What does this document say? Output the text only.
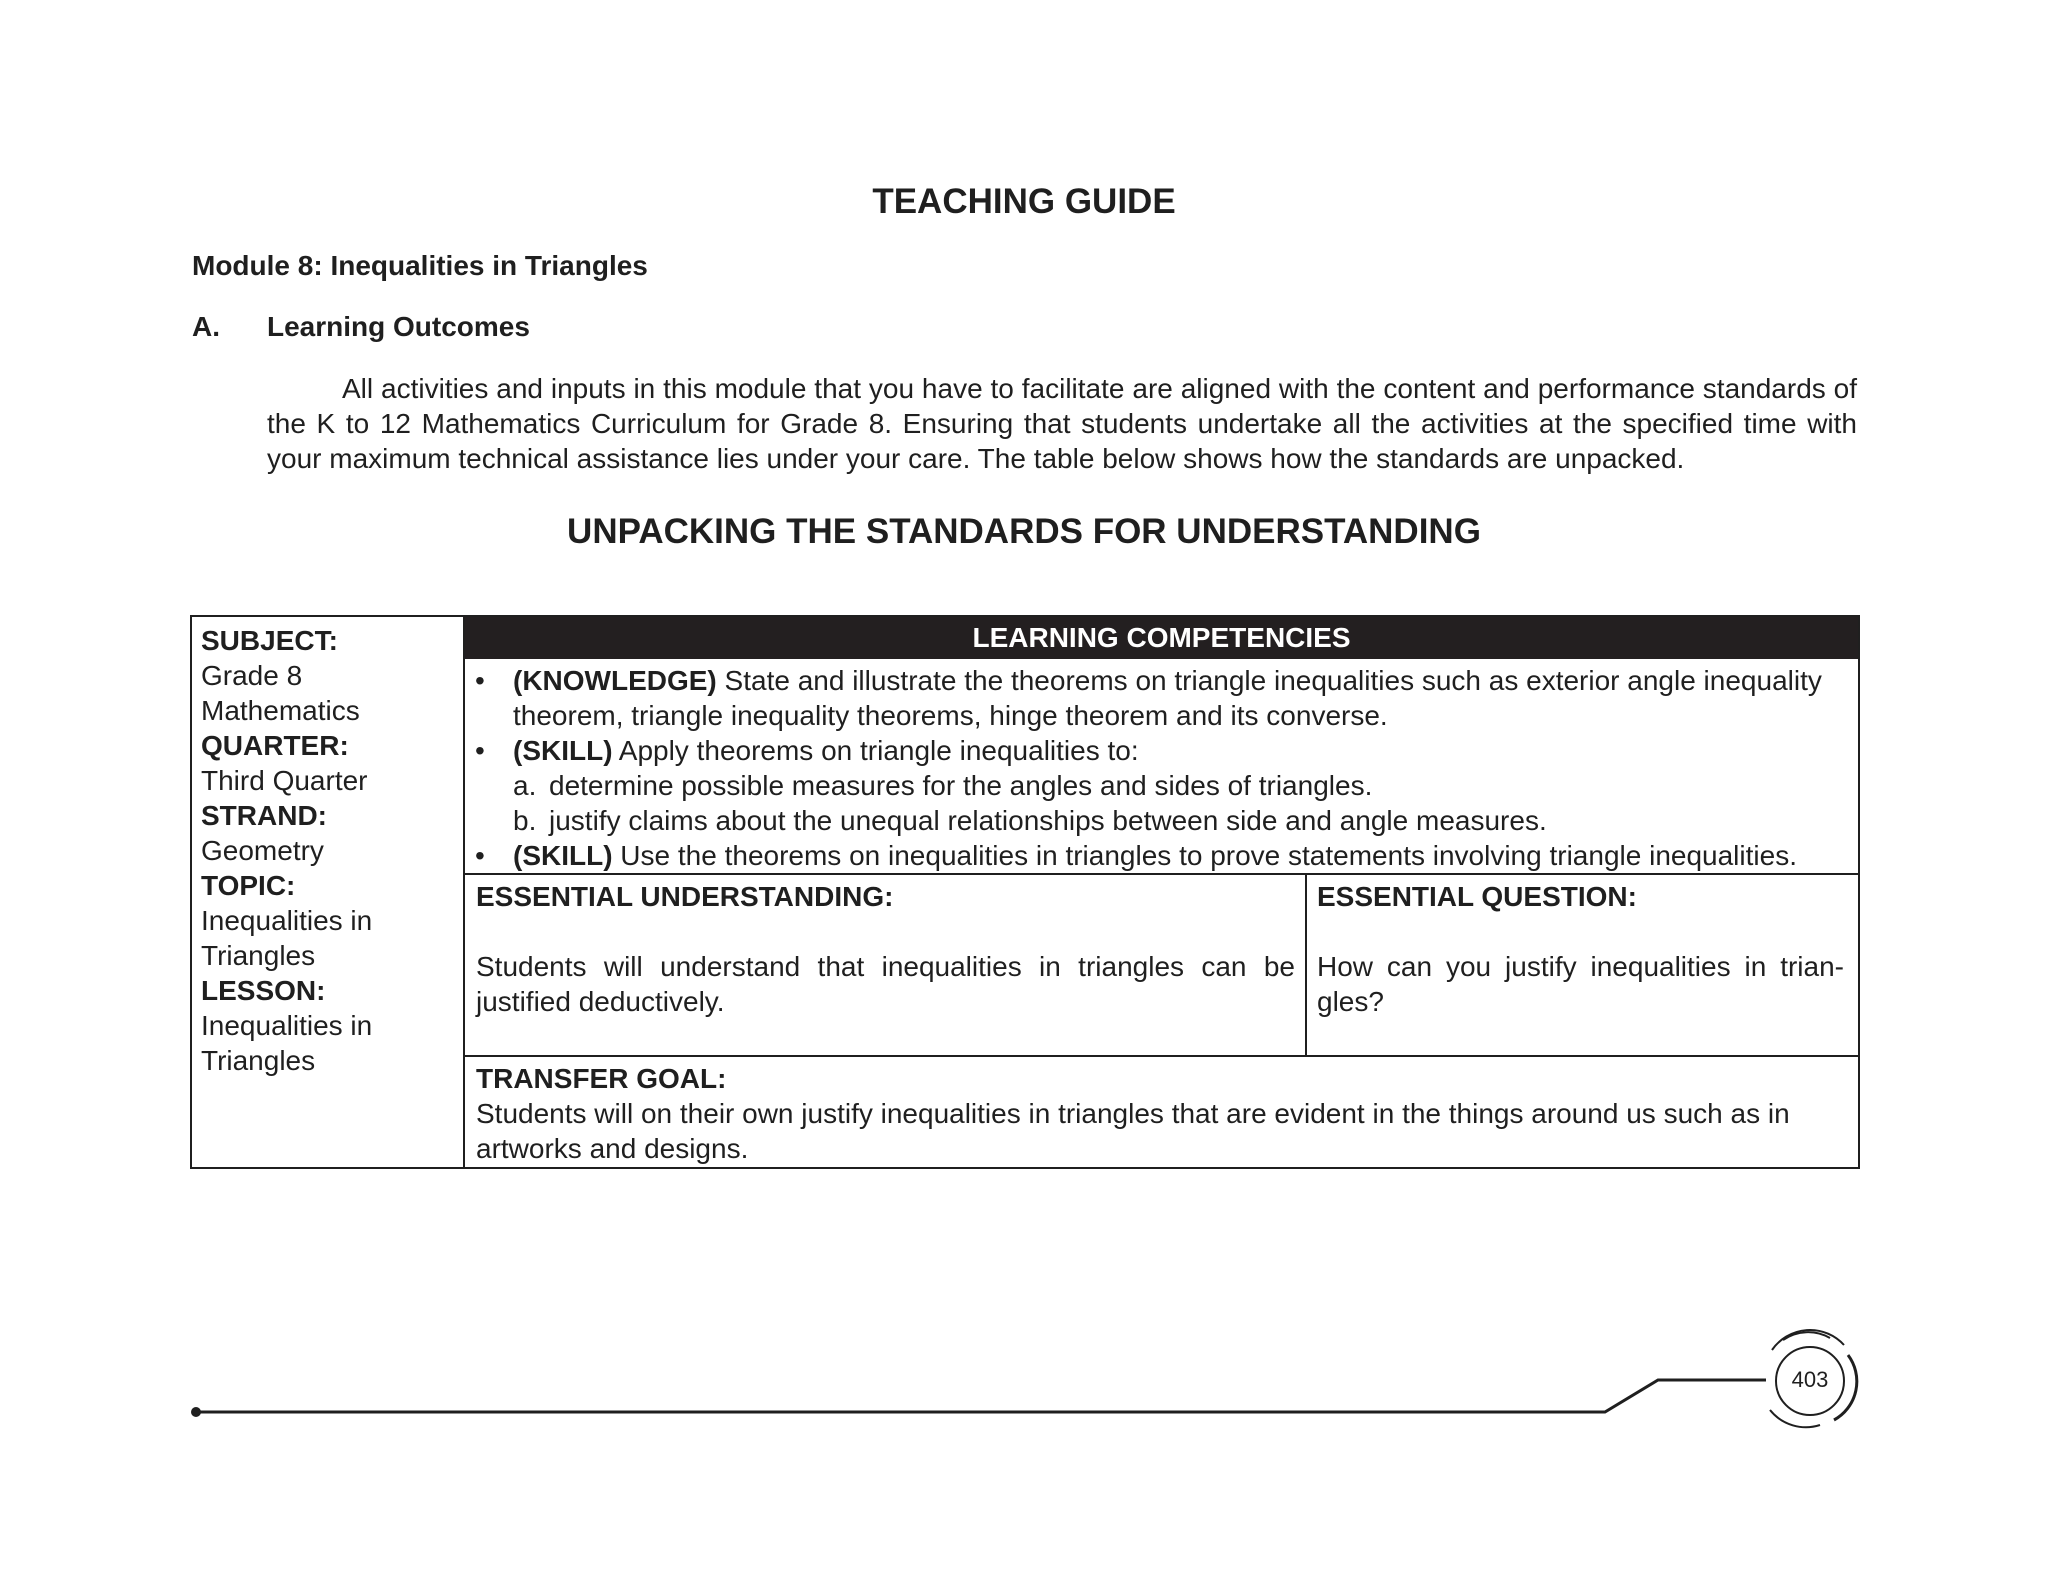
TEACHING GUIDE
Module 8: Inequalities in Triangles
A. Learning Outcomes
All activities and inputs in this module that you have to facilitate are aligned with the content and performance standards of the K to 12 Mathematics Curriculum for Grade 8. Ensuring that students undertake all the activities at the specified time with your maximum technical assistance lies under your care. The table below shows how the standards are unpacked.
UNPACKING THE STANDARDS FOR UNDERSTANDING
SUBJECT:
Grade 8 Mathematics
QUARTER:
Third Quarter
STRAND:
Geometry
TOPIC:
Inequalities in Triangles
LESSON:
Inequalities in Triangles
LEARNING COMPETENCIES
• (KNOWLEDGE) State and illustrate the theorems on triangle inequalities such as exterior angle inequality theorem, triangle inequality theorems, hinge theorem and its converse.
• (SKILL) Apply theorems on triangle inequalities to:
a. determine possible measures for the angles and sides of triangles.
b. justify claims about the unequal relationships between side and angle measures.
• (SKILL) Use the theorems on inequalities in triangles to prove statements involving triangle inequalities.
ESSENTIAL UNDERSTANDING:
Students will understand that inequalities in triangles can be justified deductively.
ESSENTIAL QUESTION:
How can you justify inequalities in trian-gles?
TRANSFER GOAL:
Students will on their own justify inequalities in triangles that are evident in the things around us such as in artworks and designs.
403
